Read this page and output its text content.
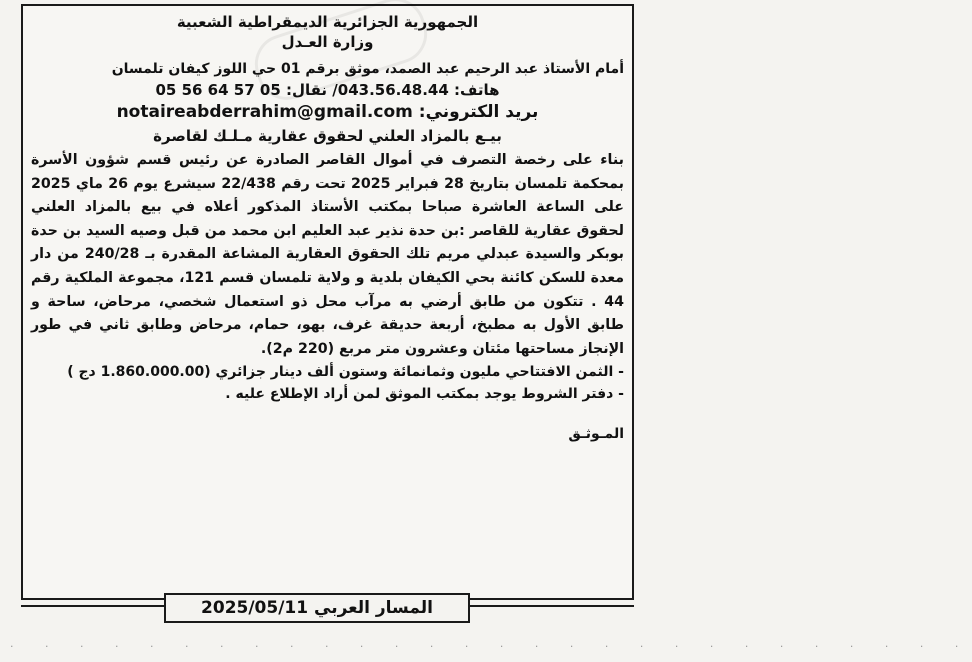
الجمهورية الجزائرية الديمقراطية الشعبية
وزارة العـدل
أمام الأستاذ عبد الرحيم عبد الصمد، موثق برقم 01 حي اللوز كيفان تلمسان
هاتف: 043.56.48.44/ نقال: 05 57 64 56 05
بريد الكتروني: notaireabderrahim@gmail.com
بيـع بالمزاد العلني لحقوق عقارية مـلـك لقاصرة
بناء على رخصة التصرف في أموال القاصر الصادرة عن رئيس قسم شؤون الأسرة بمحكمة تلمسان بتاريخ 28 فبراير 2025 تحت رقم 22/438 سيشرع يوم 26 ماي 2025 على الساعة العاشرة صباحا بمكتب الأستاذ المذكور أعلاه في بيع بالمزاد العلني لحقوق عقارية للقاصر :بن حدة نذير عبد العليم ابن محمد من قبل وصيه السيد بن حدة بوبكر والسيدة عبدلي مريم تلك الحقوق العقارية المشاعة المقدرة بـ 240/28 من دار معدة للسكن كائنة بحي الكيفان بلدية و ولاية تلمسان قسم 121، مجموعة الملكية رقم 44 . تتكون من طابق أرضي به مرآب محل ذو استعمال شخصي، مرحاض، ساحة و طابق الأول به مطبخ، أربعة حديقة غرف، بهو، حمام، مرحاض وطابق ثاني في طور الإنجاز مساحتها مئتان وعشرون متر مربع (220 م2).
- الثمن الافتتاحي مليون وثمانمائة وستون ألف دينار جزائري (1.860.000.00 دج )
- دفتر الشروط يوجد بمكتب الموثق لمن أراد الإطلاع عليه .
المـوثـق
المسار العربي 2025/05/11
· · · · · · · · · · · · · · · · · · · · · · · · · · · ·
